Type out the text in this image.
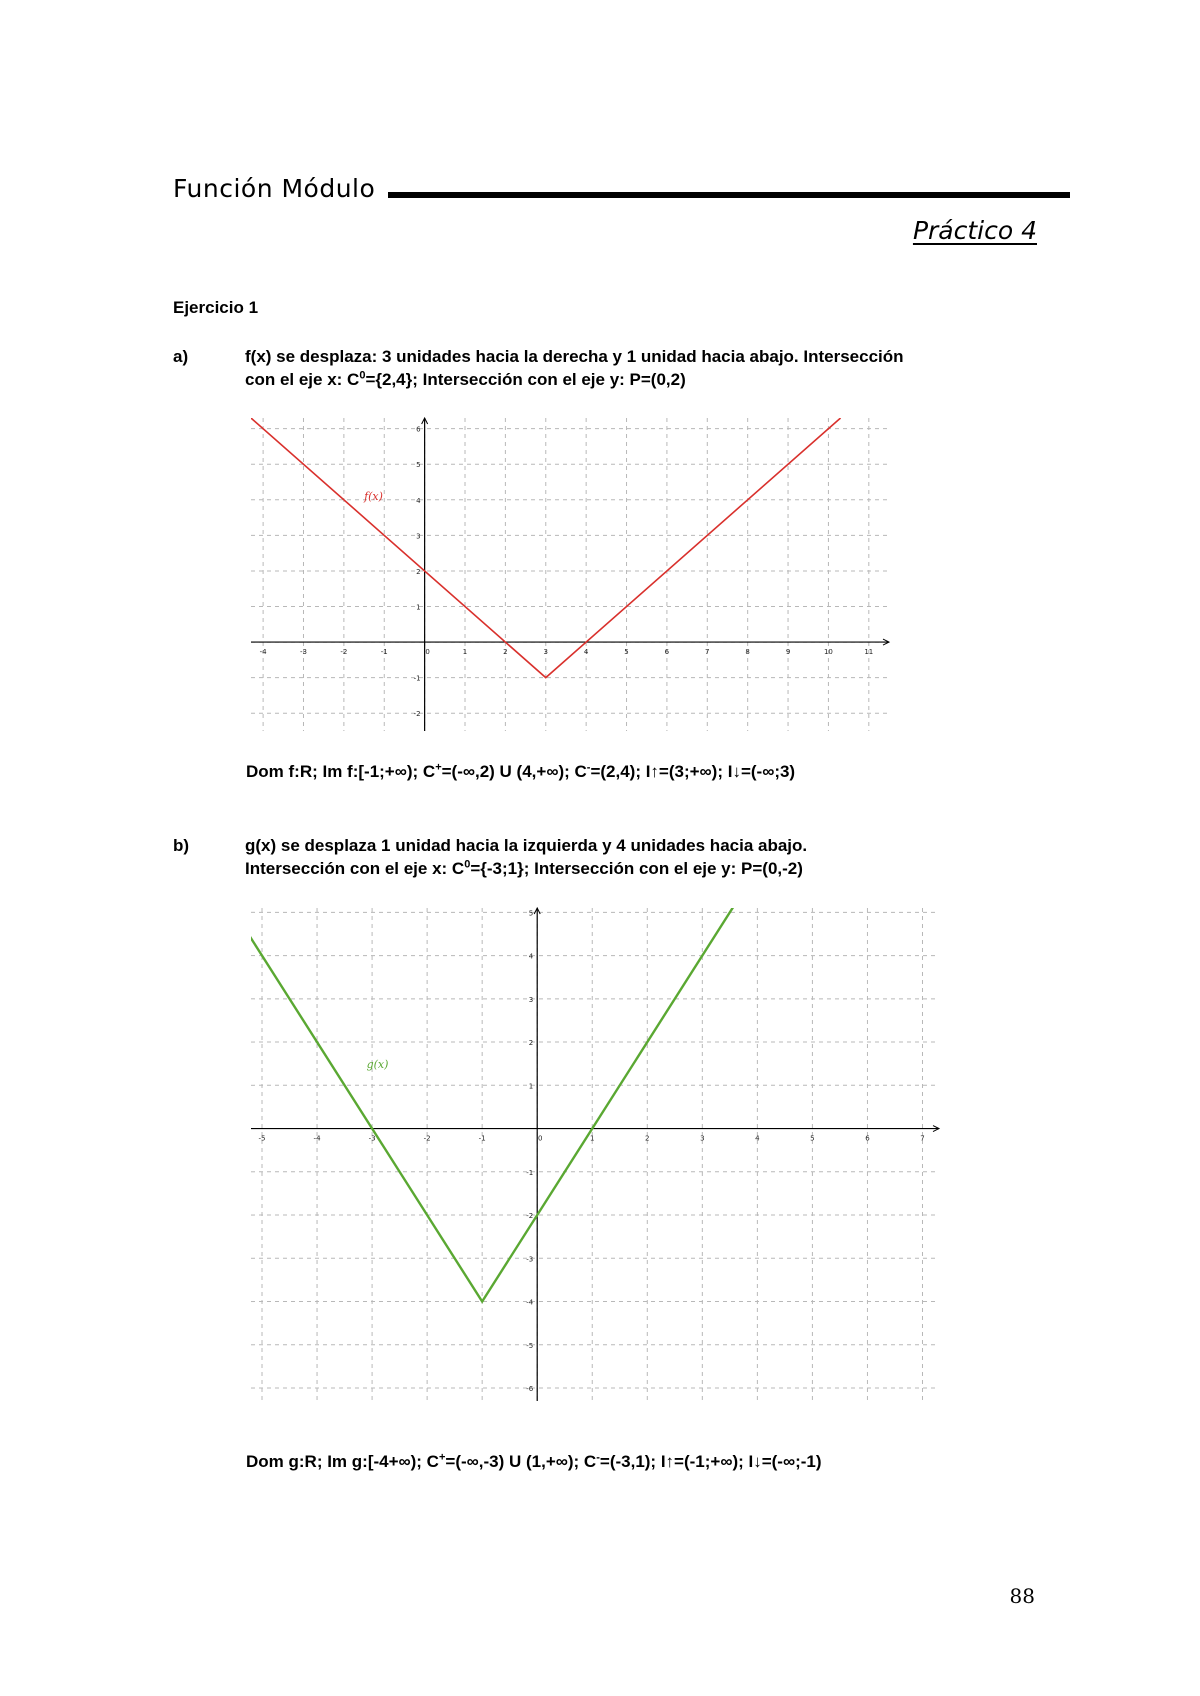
Función Módulo
Práctico 4
Ejercicio 1
a)	f(x) se desplaza: 3 unidades hacia la derecha y 1 unidad hacia abajo. Intersección
con el eje x: $C^0=\{2,4\}$; Intersección con el eje y: P=(0,2)
-4	-3	-2	-1	0	1	2	3	4	5	6	7	8	9	10	11
-2
-1
1
2
3
4
5
6
f(x)
Dom f:R; Im f:[-1;+∞); C+=(-∞,2) U (4,+∞); C-=(2,4); I↑=(3;+∞); I↓=(-∞;3)
b)	g(x) se desplaza 1 unidad hacia la izquierda y 4 unidades hacia abajo.
Intersección con el eje x: $C^0=\{-3;1\}$; Intersección con el eje y: P=(0,-2)
-5	-4	-3	-2	-1	0	1	2	3	4	5	6	7
-6
-5
-4
-3
-2
-1
1
2
3
4
5
g(x)
Dom g:R; Im g:[-4+∞); C+=(-∞,-3) U (1,+∞); C-=(-3,1); I↑=(-1;+∞); I↓=(-∞;-1)
88
